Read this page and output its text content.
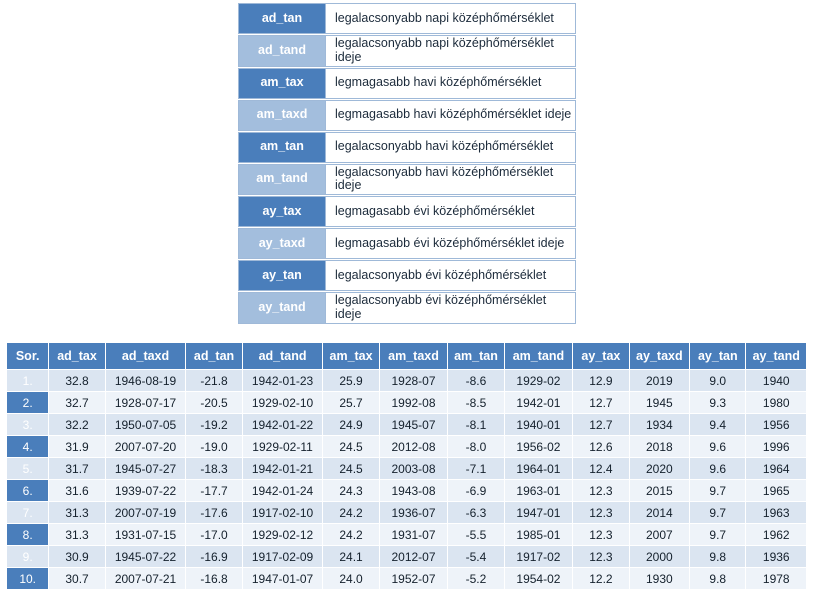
ad_tan	legalacsonyabb napi középhőmérséklet
ad_tand	legalacsonyabb napi középhőmérséklet ideje
am_tax	legmagasabb havi középhőmérséklet
am_taxd	legmagasabb havi középhőmérséklet ideje
am_tan	legalacsonyabb havi középhőmérséklet
am_tand	legalacsonyabb havi középhőmérséklet ideje
ay_tax	legmagasabb évi középhőmérséklet
ay_taxd	legmagasabb évi középhőmérséklet ideje
ay_tan	legalacsonyabb évi középhőmérséklet
ay_tand	legalacsonyabb évi középhőmérséklet ideje
Sor.	ad_tax	ad_taxd	ad_tan	ad_tand	am_tax	am_taxd	am_tan	am_tand	ay_tax	ay_taxd	ay_tan	ay_tand
1.	32.8	1946-08-19	-21.8	1942-01-23	25.9	1928-07	-8.6	1929-02	12.9	2019	9.0	1940
2.	32.7	1928-07-17	-20.5	1929-02-10	25.7	1992-08	-8.5	1942-01	12.7	1945	9.3	1980
3.	32.2	1950-07-05	-19.2	1942-01-22	24.9	1945-07	-8.1	1940-01	12.7	1934	9.4	1956
4.	31.9	2007-07-20	-19.0	1929-02-11	24.5	2012-08	-8.0	1956-02	12.6	2018	9.6	1996
5.	31.7	1945-07-27	-18.3	1942-01-21	24.5	2003-08	-7.1	1964-01	12.4	2020	9.6	1964
6.	31.6	1939-07-22	-17.7	1942-01-24	24.3	1943-08	-6.9	1963-01	12.3	2015	9.7	1965
7.	31.3	2007-07-19	-17.6	1917-02-10	24.2	1936-07	-6.3	1947-01	12.3	2014	9.7	1963
8.	31.3	1931-07-15	-17.0	1929-02-12	24.2	1931-07	-5.5	1985-01	12.3	2007	9.7	1962
9.	30.9	1945-07-22	-16.9	1917-02-09	24.1	2012-07	-5.4	1917-02	12.3	2000	9.8	1936
10.	30.7	2007-07-21	-16.8	1947-01-07	24.0	1952-07	-5.2	1954-02	12.2	1930	9.8	1978
